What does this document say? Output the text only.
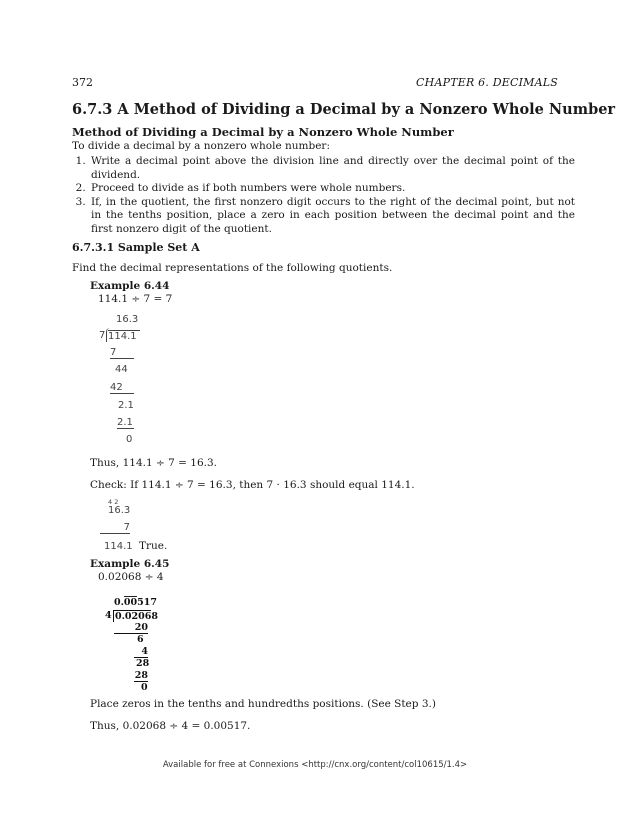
372	CHAPTER 6. DECIMALS
6.7.3 A Method of Dividing a Decimal by a Nonzero Whole Number
Method of Dividing a Decimal by a Nonzero Whole Number
To divide a decimal by a nonzero whole number:
1. Write a decimal point above the division line and directly over the decimal point of the dividend.
2. Proceed to divide as if both numbers were whole numbers.
3. If, in the quotient, the first nonzero digit occurs to the right of the decimal point, but not in the tenths position, place a zero in each position between the decimal point and the first nonzero digit of the quotient.
6.7.3.1 Sample Set A
Find the decimal representations of the following quotients.
Example 6.44
114.1 ÷ 7 = 7
16.3
7 114.1
7
44
42
2.1
2.1
0
Thus, 114.1 ÷ 7 = 16.3.
Check: If 114.1 ÷ 7 = 16.3, then 7 · 16.3 should equal 114.1.
4 2
16.3
7
114.1 True.
Example 6.45
0.02068 ÷ 4
0.00517
4 0.02068
20
6
4
28
28
0
Place zeros in the tenths and hundredths positions. (See Step 3.)
Thus, 0.02068 ÷ 4 = 0.00517.
Available for free at Connexions <http://cnx.org/content/col10615/1.4>
